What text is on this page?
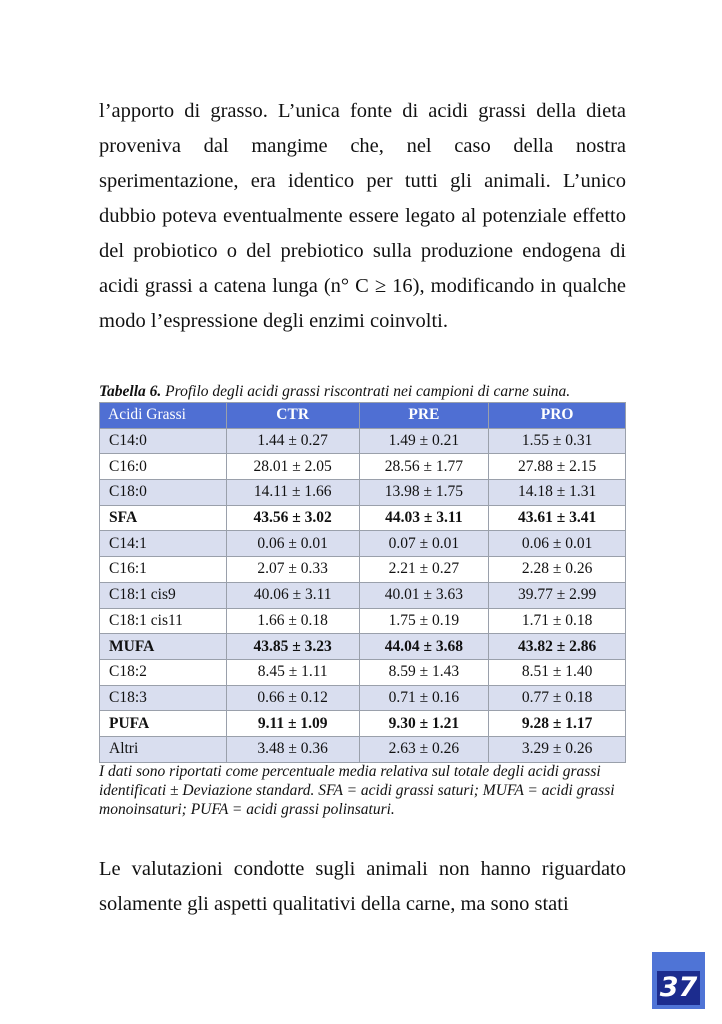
l’apporto di grasso. L’unica fonte di acidi grassi della dieta proveniva dal mangime che, nel caso della nostra sperimentazione, era identico per tutti gli animali. L’unico dubbio poteva eventualmente essere legato al potenziale effetto del probiotico o del prebiotico sulla produzione endogena di acidi grassi a catena lunga (n° C ≥ 16), modificando in qualche modo l’espressione degli enzimi coinvolti.

Tabella 6. Profilo degli acidi grassi riscontrati nei campioni di carne suina.
Acidi Grassi	CTR	PRE	PRO
C14:0	1.44 ± 0.27	1.49 ± 0.21	1.55 ± 0.31
C16:0	28.01 ± 2.05	28.56 ± 1.77	27.88 ± 2.15
C18:0	14.11 ± 1.66	13.98 ± 1.75	14.18 ± 1.31
SFA	43.56 ± 3.02	44.03 ± 3.11	43.61 ± 3.41
C14:1	0.06 ± 0.01	0.07 ± 0.01	0.06 ± 0.01
C16:1	2.07 ± 0.33	2.21 ± 0.27	2.28 ± 0.26
C18:1 cis9	40.06 ± 3.11	40.01 ± 3.63	39.77 ± 2.99
C18:1 cis11	1.66 ± 0.18	1.75 ± 0.19	1.71 ± 0.18
MUFA	43.85 ± 3.23	44.04 ± 3.68	43.82 ± 2.86
C18:2	8.45 ± 1.11	8.59 ± 1.43	8.51 ± 1.40
C18:3	0.66 ± 0.12	0.71 ± 0.16	0.77 ± 0.18
PUFA	9.11 ± 1.09	9.30 ± 1.21	9.28 ± 1.17
Altri	3.48 ± 0.36	2.63 ± 0.26	3.29 ± 0.26
I dati sono riportati come percentuale media relativa sul totale degli acidi grassi identificati ± Deviazione standard. SFA = acidi grassi saturi; MUFA = acidi grassi monoinsaturi; PUFA = acidi grassi polinsaturi.

Le valutazioni condotte sugli animali non hanno riguardato solamente gli aspetti qualitativi della carne, ma sono stati

37
